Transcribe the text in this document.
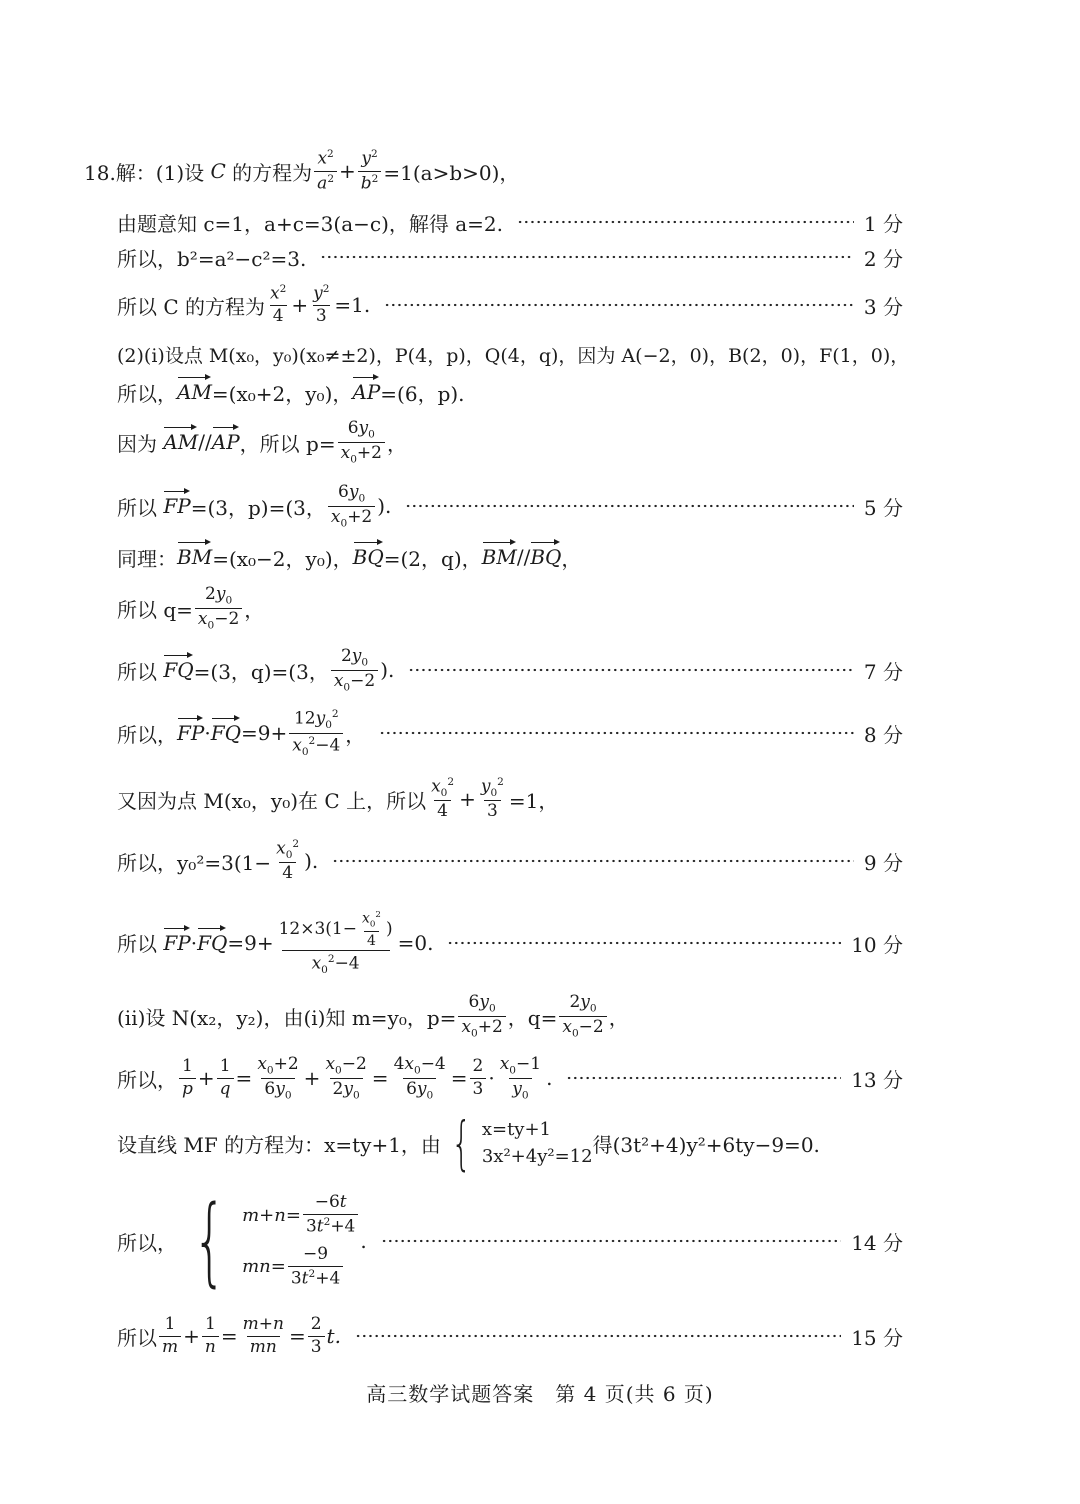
18.解：(1)设 C 的方程为 $\frac{x^2}{a^2} + \frac{y^2}{b^2} =1(a>b>0)$，
由题意知 c=1，a+c=3(a−c)，解得 a=2.	1 分
所以，b²=a²−c²=3.	2 分
所以 C 的方程为 $\frac{x^2}{4} + \frac{y^2}{3} =1$.	3 分
(2)(i)设点 M(x₀，y₀)(x₀≠±2)，P(4，p)，Q(4，q)，因为 A(−2，0)，B(2，0)，F(1，0)，
所以， AM =(x₀+2，y₀)， AP =(6，p).
因为
AM // AP ，所以 $p= \frac{6y_0}{x_0+2}$ ，
所以
FP =(3，p)=(3， $\frac{6y_0}{x_0+2}$ ).	5 分
同理： BM =(x₀−2，y₀)， BQ =(2，q)， BM // BQ ，
所以 $q= \frac{2y_0}{x_0-2}$ ，
所以
FQ =(3，q)=(3， $\frac{2y_0}{x_0-2}$ ).	7 分
所以， FP · FQ $=9+ \frac{12y_0^2}{x_0^2-4}$ ，	8 分
又因为点 M(x₀，y₀)在 C 上，所以 $\frac{x_0^2}{4} + \frac{y_0^2}{3} =1$，
所以，$y_0^2=3(1- \frac{x_0^2}{4}$ ).	9 分
所以
FP · FQ $=9+ \frac{12\times 3(1- \frac{x_0^2}{4} )}{x_0^2-4} =0$.	10 分
(ii)设 N(x₂，y₂)，由(i)知 m=y₀，$p= \frac{6y_0}{x_0+2}$ ，$q= \frac{2y_0}{x_0-2}$ ，
所以， $\frac{1}{p} + \frac{1}{q} = \frac{x_0+2}{6y_0} + \frac{x_0-2}{2y_0} = \frac{4x_0-4}{6y_0} = \frac{2}{3} \cdot \frac{x_0-1}{y_0}$ .	13 分
设直线 MF 的方程为：x=ty+1，由 { x=ty+1
3x²+4y²=12 得(3t²+4)y²+6ty−9=0.
所以， { $m + n = \frac{-6t}{3t^2+4}$
mn = $\frac{-9}{3t^2+4}$
.	14 分
所以 $\frac{1}{m} + \frac{1}{n} = \frac{m+n}{mn} = \frac{2}{3} t$.	15 分
高三数学试题答案　第 4 页(共 6 页)
